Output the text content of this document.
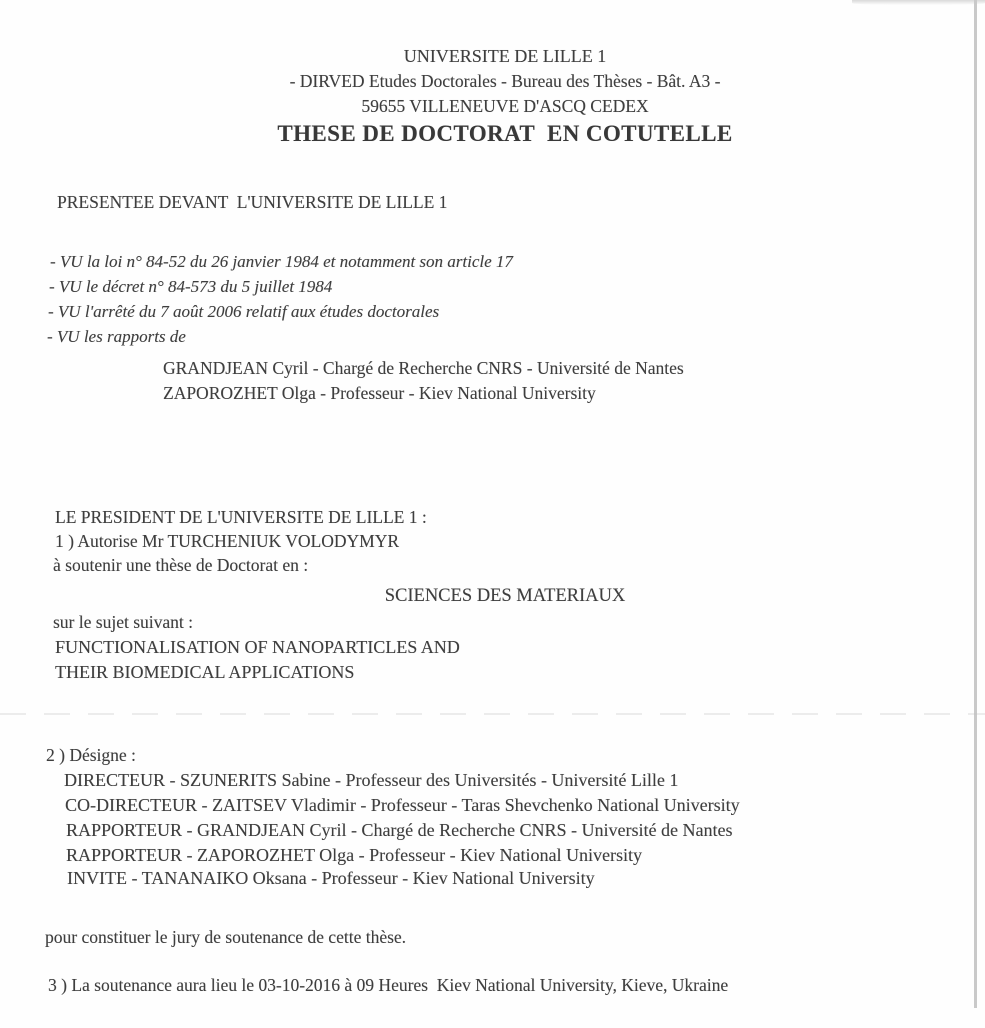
UNIVERSITE DE LILLE 1
- DIRVED Etudes Doctorales - Bureau des Thèses - Bât. A3 -
59655 VILLENEUVE D'ASCQ CEDEX
THESE DE DOCTORAT  EN COTUTELLE
PRESENTEE DEVANT  L'UNIVERSITE DE LILLE 1
- VU la loi n° 84-52 du 26 janvier 1984 et notamment son article 17
- VU le décret n° 84-573 du 5 juillet 1984
- VU l'arrêté du 7 août 2006 relatif aux études doctorales
- VU les rapports de
GRANDJEAN Cyril - Chargé de Recherche CNRS - Université de Nantes
ZAPOROZHET Olga - Professeur - Kiev National University
LE PRESIDENT DE L'UNIVERSITE DE LILLE 1 :
1 ) Autorise Mr TURCHENIUK VOLODYMYR
à soutenir une thèse de Doctorat en :
SCIENCES DES MATERIAUX
sur le sujet suivant :
FUNCTIONALISATION OF NANOPARTICLES AND
THEIR BIOMEDICAL APPLICATIONS
2 ) Désigne :
DIRECTEUR - SZUNERITS Sabine - Professeur des Universités - Université Lille 1
CO-DIRECTEUR - ZAITSEV Vladimir - Professeur - Taras Shevchenko National University
RAPPORTEUR - GRANDJEAN Cyril - Chargé de Recherche CNRS - Université de Nantes
RAPPORTEUR - ZAPOROZHET Olga - Professeur - Kiev National University
INVITE - TANANAIKO Oksana - Professeur - Kiev National University
pour constituer le jury de soutenance de cette thèse.
3 ) La soutenance aura lieu le 03-10-2016 à 09 Heures  Kiev National University, Kieve, Ukraine
